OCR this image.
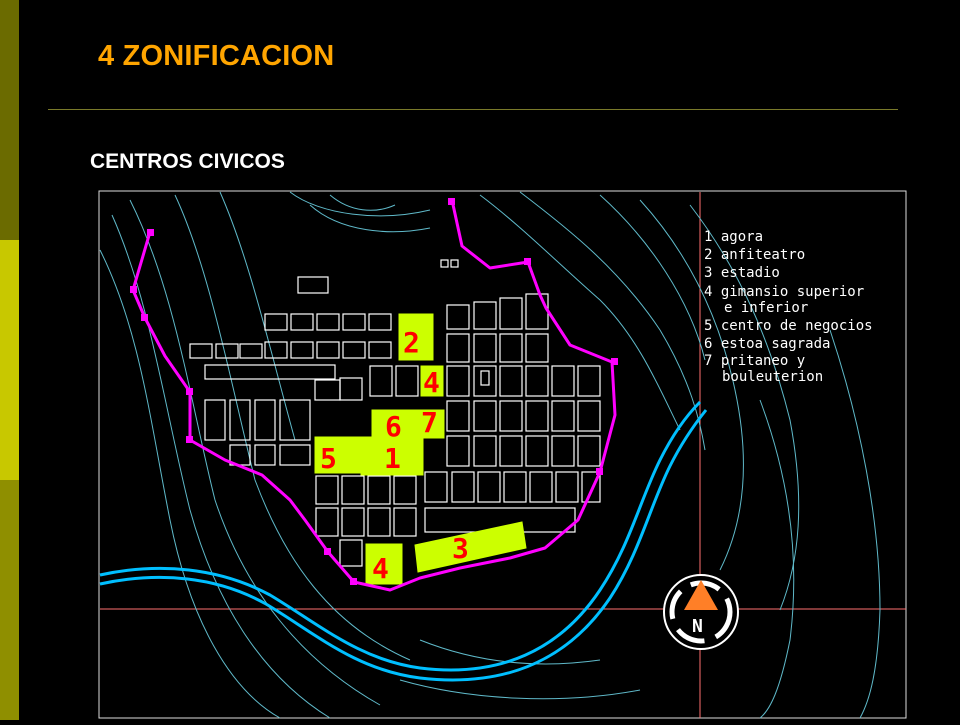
4 ZONIFICACION
CENTROS CIVICOS
2
4
6 7
5 1
3
4
1 agora
2 anfiteatro
3 estadio
4 gimansio superior
e inferior
5 centro de negocios
6 estoa sagrada
7 pritaneo y
bouleuterion
N
